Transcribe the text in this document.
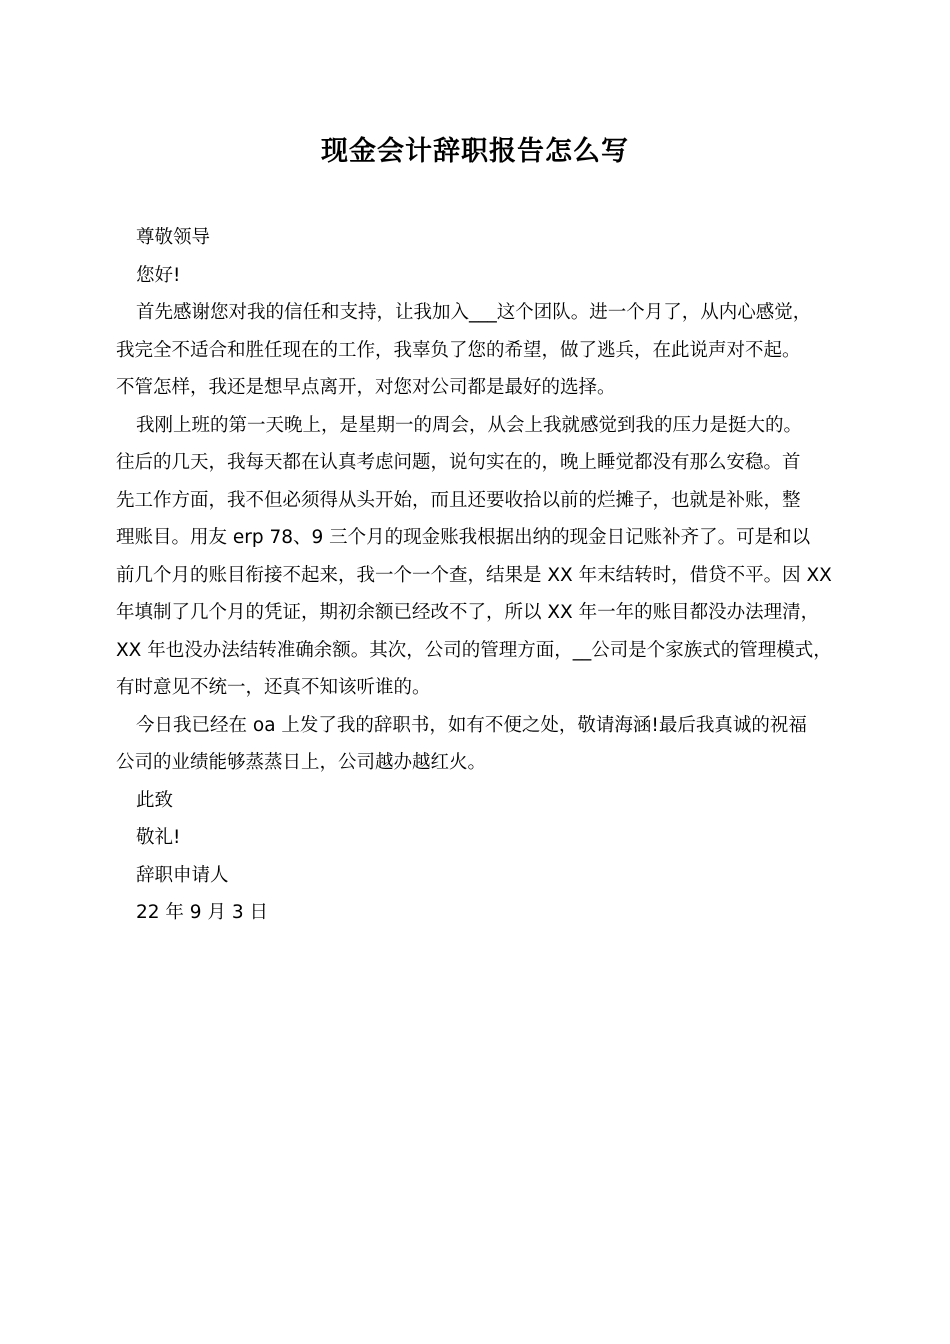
现金会计辞职报告怎么写
尊敬领导
您好!
首先感谢您对我的信任和支持，让我加入___这个团队。进一个月了，从内心感觉，
我完全不适合和胜任现在的工作，我辜负了您的希望，做了逃兵，在此说声对不起。
不管怎样，我还是想早点离开，对您对公司都是最好的选择。
我刚上班的第一天晚上，是星期一的周会，从会上我就感觉到我的压力是挺大的。
往后的几天，我每天都在认真考虑问题，说句实在的，晚上睡觉都没有那么安稳。首
先工作方面，我不但必须得从头开始，而且还要收拾以前的烂摊子，也就是补账，整
理账目。用友 erp 78、9 三个月的现金账我根据出纳的现金日记账补齐了。可是和以
前几个月的账目衔接不起来，我一个一个查，结果是 XX 年末结转时，借贷不平。因 XX
年填制了几个月的凭证，期初余额已经改不了，所以 XX 年一年的账目都没办法理清，
XX 年也没办法结转准确余额。其次，公司的管理方面，__公司是个家族式的管理模式，
有时意见不统一，还真不知该听谁的。
今日我已经在 oa 上发了我的辞职书，如有不便之处，敬请海涵!最后我真诚的祝福
公司的业绩能够蒸蒸日上，公司越办越红火。
此致
敬礼!
辞职申请人
22 年 9 月 3 日
